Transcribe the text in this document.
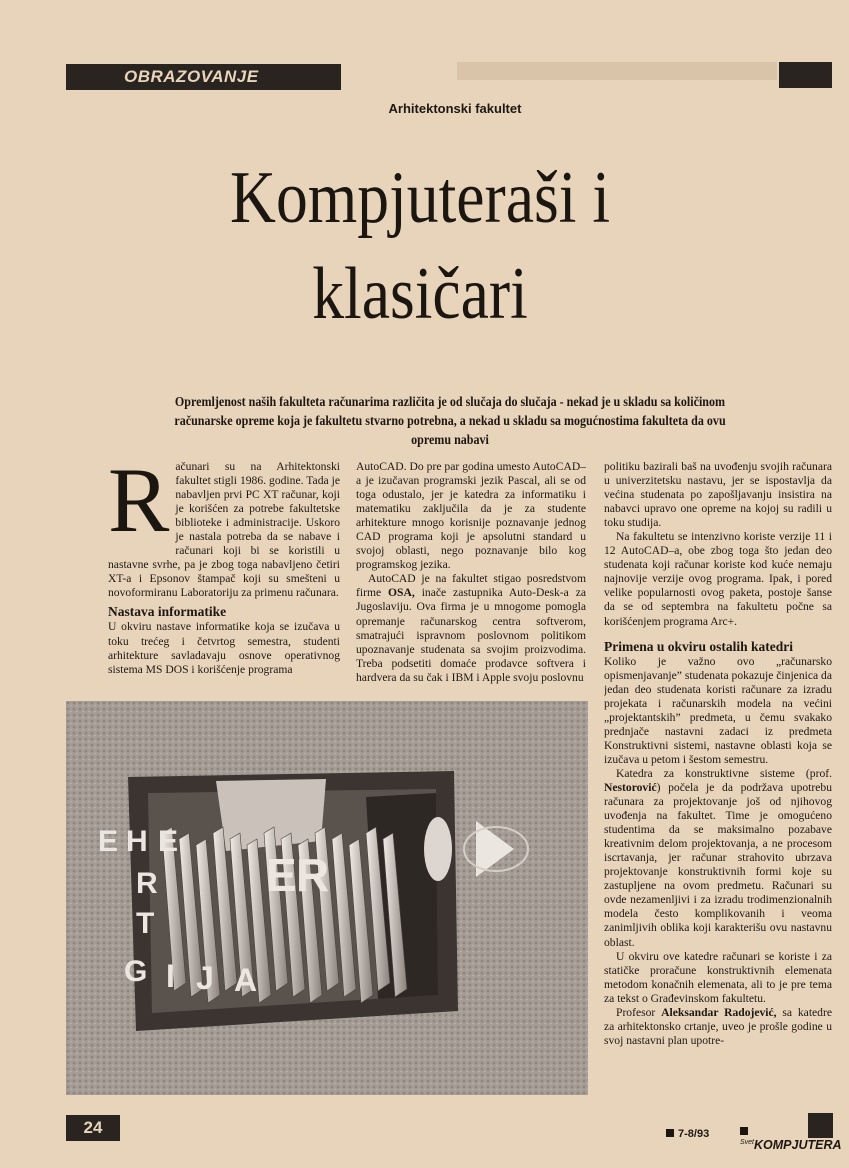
OBRAZOVANJE
Arhitektonski fakultet
Kompjuteraši i
klasičari
Opremljenost naših fakulteta računarima različita je od slučaja do slučaja - nekad je u skladu sa količinom računarske opreme koja je fakultetu stvarno potrebna, a nekad u skladu sa mogućnostima fakulteta da ovu opremu nabavi
R ačunari su na Arhitektonski fakultet stigli 1986. godine. Tada je nabavljen prvi PC XT računar, koji je korišćen za potrebe fakultetske biblioteke i administracije. Uskoro je nastala potreba da se nabave i računari koji bi se koristili u nastavne svrhe, pa je zbog toga nabavljeno četiri XT-a i Epsonov štampač koji su smešteni u novoformiranu Laboratoriju za primenu računara.

Nastava informatike

U okviru nastave informatike koja se izučava u toku trećeg i četvrtog semestra, studenti arhitekture savladavaju osnove operativnog sistema MS DOS i korišćenje programa

AutoCAD. Do pre par godina umesto AutoCAD–a je izučavan programski jezik Pascal, ali se od toga odustalo, jer je katedra za informatiku i matematiku zaključila da je za studente arhitekture mnogo korisnije poznavanje jednog CAD programa koji je apsolutni standard u svojoj oblasti, nego poznavanje bilo kog programskog jezika.

AutoCAD je na fakultet stigao posredstvom firme OSA, inače zastupnika Auto-Desk-a za Jugoslaviju. Ova firma je u mnogome pomogla opremanje računarskog centra softverom, smatrajući ispravnom poslovnom politikom upoznavanje studenata sa svojim proizvodima. Treba podsetiti domaće prodavce softvera i hardvera da su čak i IBM i Apple svoju poslovnu

politiku bazirali baš na uvođenju svojih računara u univerzitetsku nastavu, jer se ispostavlja da većina studenata po zapošljavanju insistira na nabavci upravo one opreme na kojoj su radili u toku studija.

Na fakultetu se intenzivno koriste verzije 11 i 12 AutoCAD–a, obe zbog toga što jedan deo studenata koji računar koriste kod kuće nemaju najnovije verzije ovog programa. Ipak, i pored velike popularnosti ovog paketa, postoje šanse da se od septembra na fakultetu počne sa korišćenjem programa Arc+.

Primena u okviru ostalih katedri

Koliko je važno ovo „računarsko opismenjavanje” studenata pokazuje činjenica da jedan deo studenata koristi računare za izradu projekata i računarskih modela na većini „projektantskih” predmeta, u čemu svakako prednjače nastavni zadaci iz predmeta Konstruktivni sistemi, nastavne oblasti koja se izučava u petom i šestom semestru.

Katedra za konstruktivne sisteme (prof. Nestorović) počela je da podržava upotrebu računara za projektovanje još od njihovog uvođenja na fakultet. Time je omogućeno studentima da se maksimalno pozabave kreativnim delom projektovanja, a ne procesom iscrtavanja, jer računar strahovito ubrzava projektovanje konstruktivnih formi koje su zastupljene na ovom predmetu. Računari su ovde nezamenljivi i za izradu trodimenzionalnih modela često komplikovanih i veoma zanimljivih oblika koji karakterišu ovu nastavnu oblast.

U okviru ove katedre računari se koriste i za statičke proračune konstruktivnih elemenata metodom konačnih elemenata, ali to je pre tema za tekst o Građevinskom fakultetu.

Profesor Aleksandar Radojević, sa katedre za arhitektonsko crtanje, uveo je prošle godine u svoj nastavni plan upotre-

E H E
R
T
E R
G I J A
24	7-8/93
$^{Svet}$KOMPJUTERA
